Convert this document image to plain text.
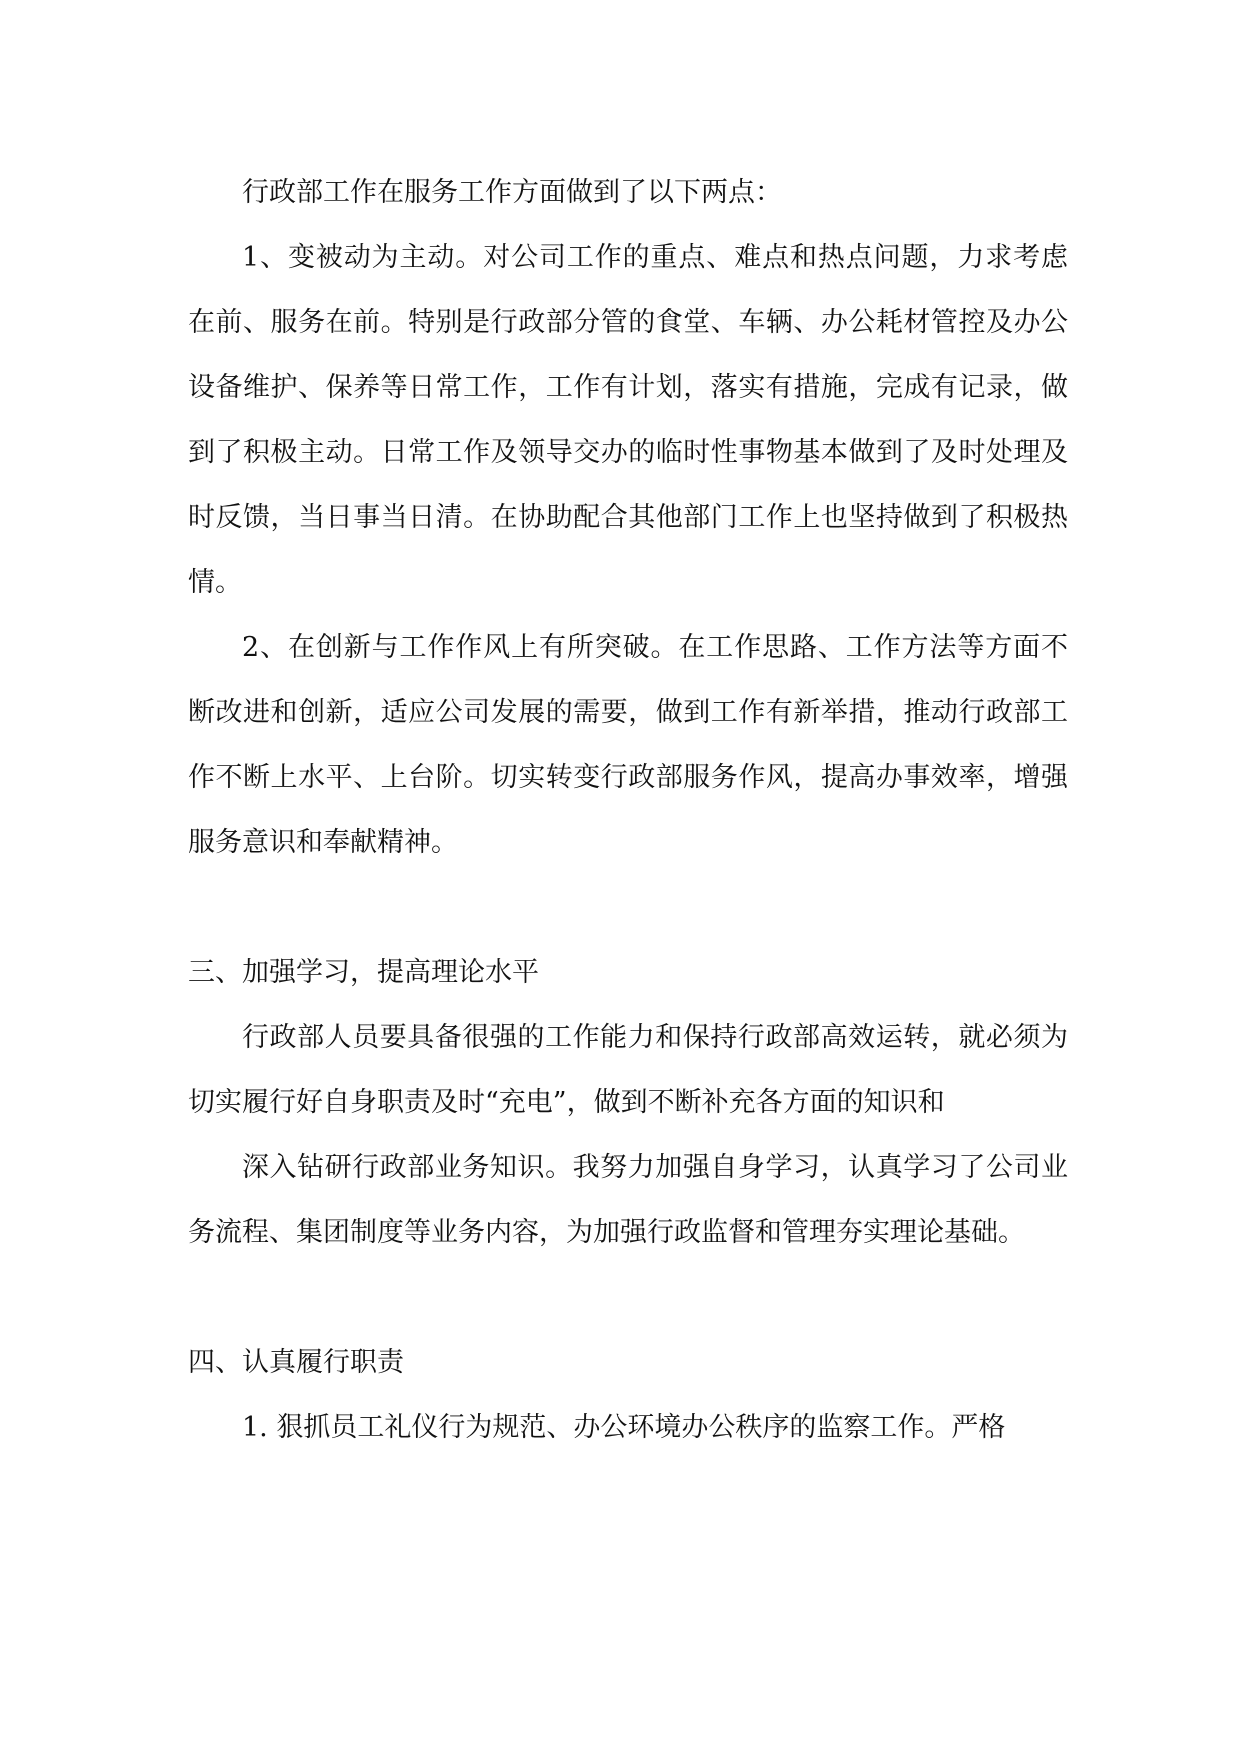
行政部工作在服务工作方面做到了以下两点：

1、变被动为主动。对公司工作的重点、难点和热点问题，力求考虑在前、服务在前。特别是行政部分管的食堂、车辆、办公耗材管控及办公设备维护、保养等日常工作，工作有计划，落实有措施，完成有记录，做到了积极主动。日常工作及领导交办的临时性事物基本做到了及时处理及时反馈，当日事当日清。在协助配合其他部门工作上也坚持做到了积极热情。

2、在创新与工作作风上有所突破。在工作思路、工作方法等方面不断改进和创新，适应公司发展的需要，做到工作有新举措，推动行政部工作不断上水平、上台阶。切实转变行政部服务作风，提高办事效率，增强服务意识和奉献精神。

三、加强学习，提高理论水平

行政部人员要具备很强的工作能力和保持行政部高效运转，就必须为切实履行好自身职责及时“充电”，做到不断补充各方面的知识和

深入钻研行政部业务知识。我努力加强自身学习，认真学习了公司业务流程、集团制度等业务内容，为加强行政监督和管理夯实理论基础。

四、认真履行职责

1. 狠抓员工礼仪行为规范、办公环境办公秩序的监察工作。严格
